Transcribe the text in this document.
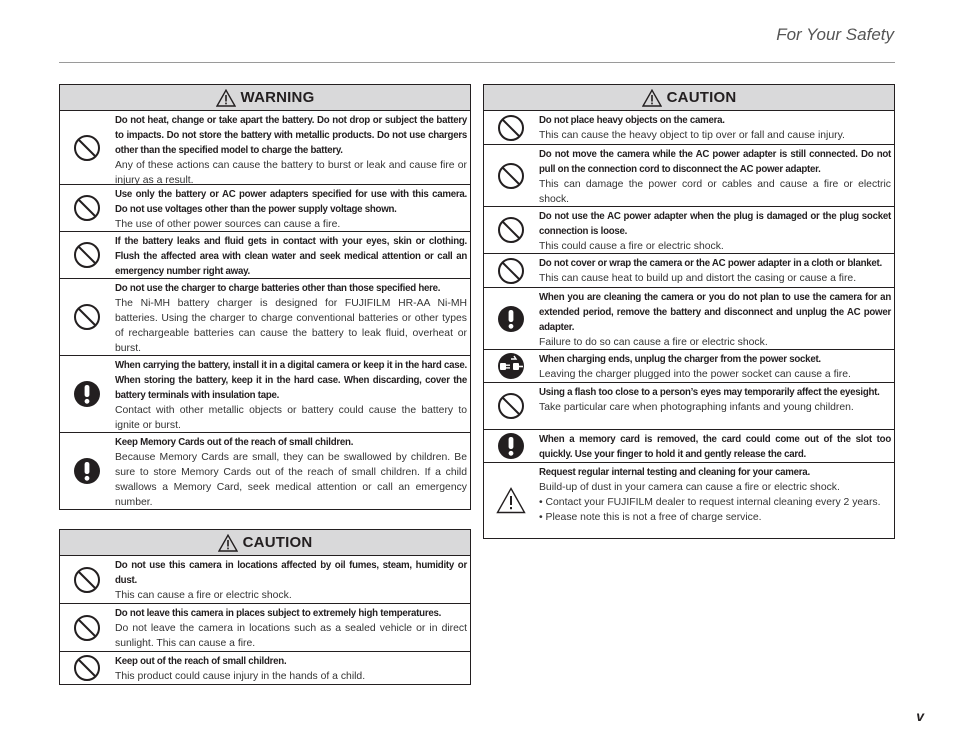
For Your Safety
WARNING
Do not heat, change or take apart the battery. Do not drop or subject the battery to impacts. Do not store the battery with metallic products. Do not use chargers other than the specified model to charge the battery.
Any of these actions can cause the battery to burst or leak and cause fire or injury as a result.
Use only the battery or AC power adapters specified for use with this camera. Do not use voltages other than the power supply voltage shown.
The use of other power sources can cause a fire.
If the battery leaks and fluid gets in contact with your eyes, skin or clothing. Flush the affected area with clean water and seek medical attention or call an emergency number right away.
Do not use the charger to charge batteries other than those specified here.
The Ni-MH battery charger is designed for FUJIFILM HR-AA Ni-MH batteries. Using the charger to charge conventional batteries or other types of rechargeable batteries can cause the battery to leak fluid, overheat or burst.
When carrying the battery, install it in a digital camera or keep it in the hard case. When storing the battery, keep it in the hard case. When discarding, cover the battery terminals with insulation tape.
Contact with other metallic objects or battery could cause the battery to ignite or burst.
Keep Memory Cards out of the reach of small children.
Because Memory Cards are small, they can be swallowed by children. Be sure to store Memory Cards out of the reach of small children. If a child swallows a Memory Card, seek medical attention or call an emergency number.
CAUTION
Do not use this camera in locations affected by oil fumes, steam, humidity or dust.
This can cause a fire or electric shock.
Do not leave this camera in places subject to extremely high temperatures.
Do not leave the camera in locations such as a sealed vehicle or in direct sunlight. This can cause a fire.
Keep out of the reach of small children.
This product could cause injury in the hands of a child.
CAUTION
Do not place heavy objects on the camera.
This can cause the heavy object to tip over or fall and cause injury.
Do not move the camera while the AC power adapter is still connected. Do not pull on the connection cord to disconnect the AC power adapter.
This can damage the power cord or cables and cause a fire or electric shock.
Do not use the AC power adapter when the plug is damaged or the plug socket connection is loose.
This could cause a fire or electric shock.
Do not cover or wrap the camera or the AC power adapter in a cloth or blanket.
This can cause heat to build up and distort the casing or cause a fire.
When you are cleaning the camera or you do not plan to use the camera for an extended period, remove the battery and disconnect and unplug the AC power adapter.
Failure to do so can cause a fire or electric shock.
When charging ends, unplug the charger from the power socket.
Leaving the charger plugged into the power socket can cause a fire.
Using a flash too close to a person’s eyes may temporarily affect the eyesight.
Take particular care when photographing infants and young children.
When a memory card is removed, the card could come out of the slot too quickly. Use your finger to hold it and gently release the card.
Request regular internal testing and cleaning for your camera.
Build-up of dust in your camera can cause a fire or electric shock.
• Contact your FUJIFILM dealer to request internal cleaning every 2 years.
• Please note this is not a free of charge service.
v
